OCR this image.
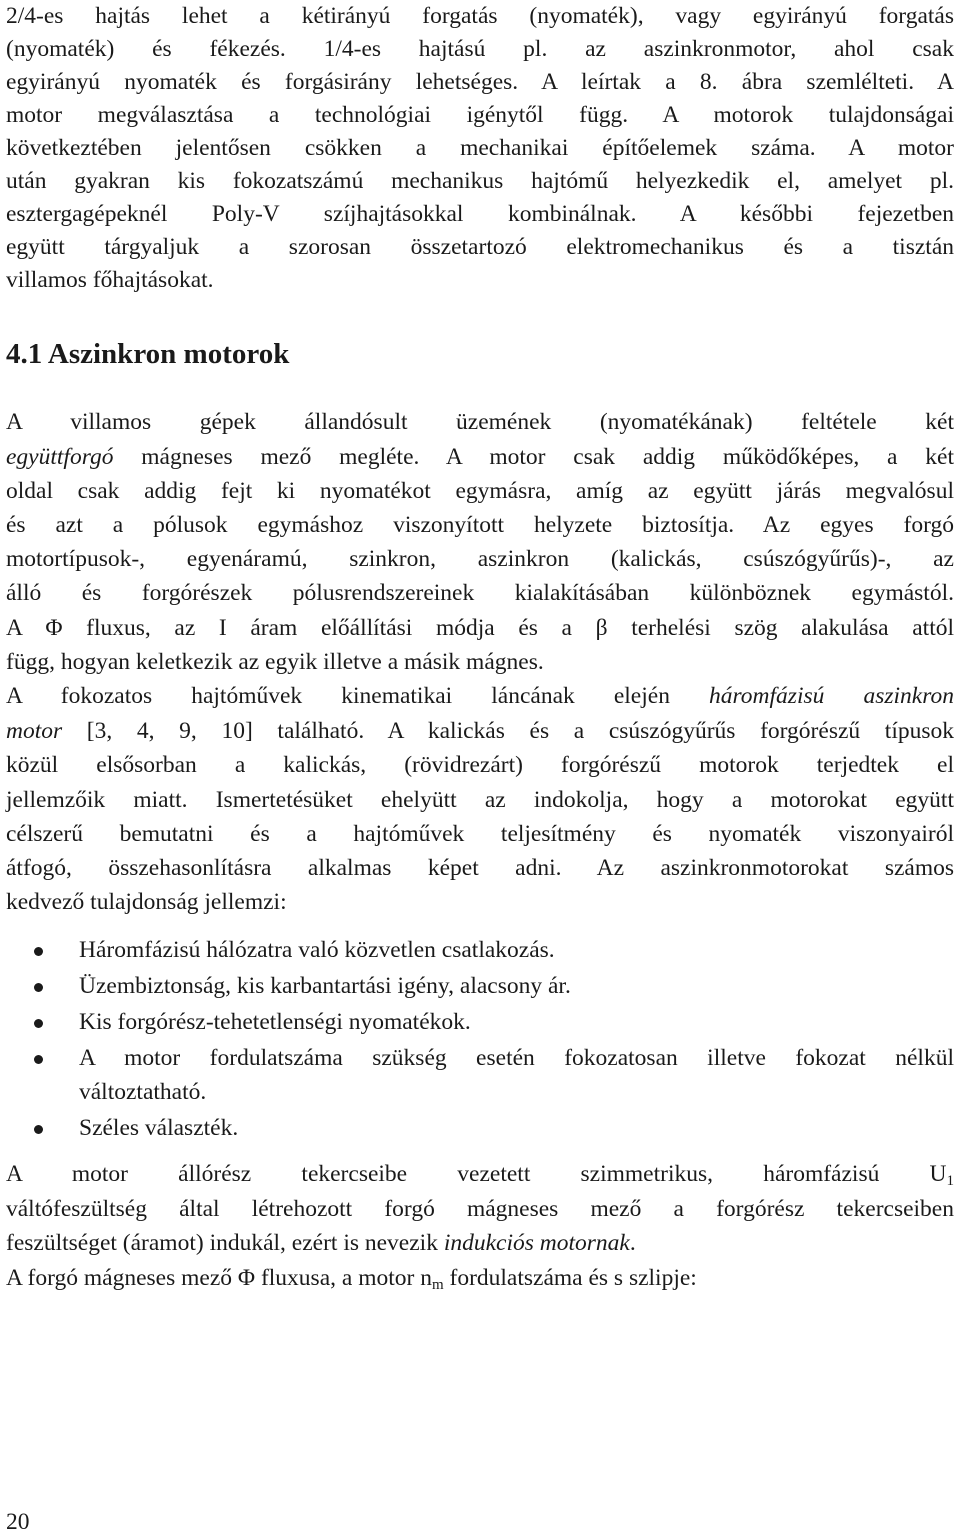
2/4-es hajtás lehet a kétirányú forgatás (nyomaték), vagy egyirányú forgatás
(nyomaték) és fékezés. 1/4-es hajtású pl. az aszinkronmotor, ahol csak
egyirányú nyomaték és forgásirány lehetséges. A leírtak a 8. ábra szemlélteti. A
motor megválasztása a technológiai igénytől függ. A motorok tulajdonságai
következtében jelentősen csökken a mechanikai építőelemek száma. A motor
után gyakran kis fokozatszámú mechanikus hajtómű helyezkedik el, amelyet pl.
esztergagépeknél Poly-V szíjhajtásokkal kombinálnak. A későbbi fejezetben
együtt tárgyaljuk a szorosan összetartozó elektromechanikus és a tisztán
villamos főhajtásokat.
4.1 Aszinkron motorok
A villamos gépek állandósult üzemének (nyomatékának) feltétele két
együttforgó mágneses mező megléte. A motor csak addig működőképes, a két
oldal csak addig fejt ki nyomatékot egymásra, amíg az együtt járás megvalósul
és azt a pólusok egymáshoz viszonyított helyzete biztosítja. Az egyes forgó
motortípusok-, egyenáramú, szinkron, aszinkron (kalickás, csúszógyűrűs)-, az
álló és forgórészek pólusrendszereinek kialakításában különböznek egymástól.
A Φ fluxus, az I áram előállítási módja és a β terhelési szög alakulása attól
függ, hogyan keletkezik az egyik illetve a másik mágnes.
A fokozatos hajtóművek kinematikai láncának elején háromfázisú aszinkron
motor [3, 4, 9, 10] található. A kalickás és a csúszógyűrűs forgórészű típusok
közül elsősorban a kalickás, (rövidrezárt) forgórészű motorok terjedtek el
jellemzőik miatt. Ismertetésüket ehelyütt az indokolja, hogy a motorokat együtt
célszerű bemutatni és a hajtóművek teljesítmény és nyomaték viszonyairól
átfogó, összehasonlításra alkalmas képet adni. Az aszinkronmotorokat számos
kedvező tulajdonság jellemzi:
Háromfázisú hálózatra való közvetlen csatlakozás.
Üzembiztonság, kis karbantartási igény, alacsony ár.
Kis forgórész-tehetetlenségi nyomatékok.
A motor fordulatszáma szükség esetén fokozatosan illetve fokozat nélkül
változtatható.
Széles választék.
A motor állórész tekercseibe vezetett szimmetrikus, háromfázisú $U_1$
váltófeszültség által létrehozott forgó mágneses mező a forgórész tekercseiben
feszültséget (áramot) indukál, ezért is nevezik indukciós motornak.
A forgó mágneses mező Φ fluxusa, a motor $n_m$ fordulatszáma és s szlipje:
20
